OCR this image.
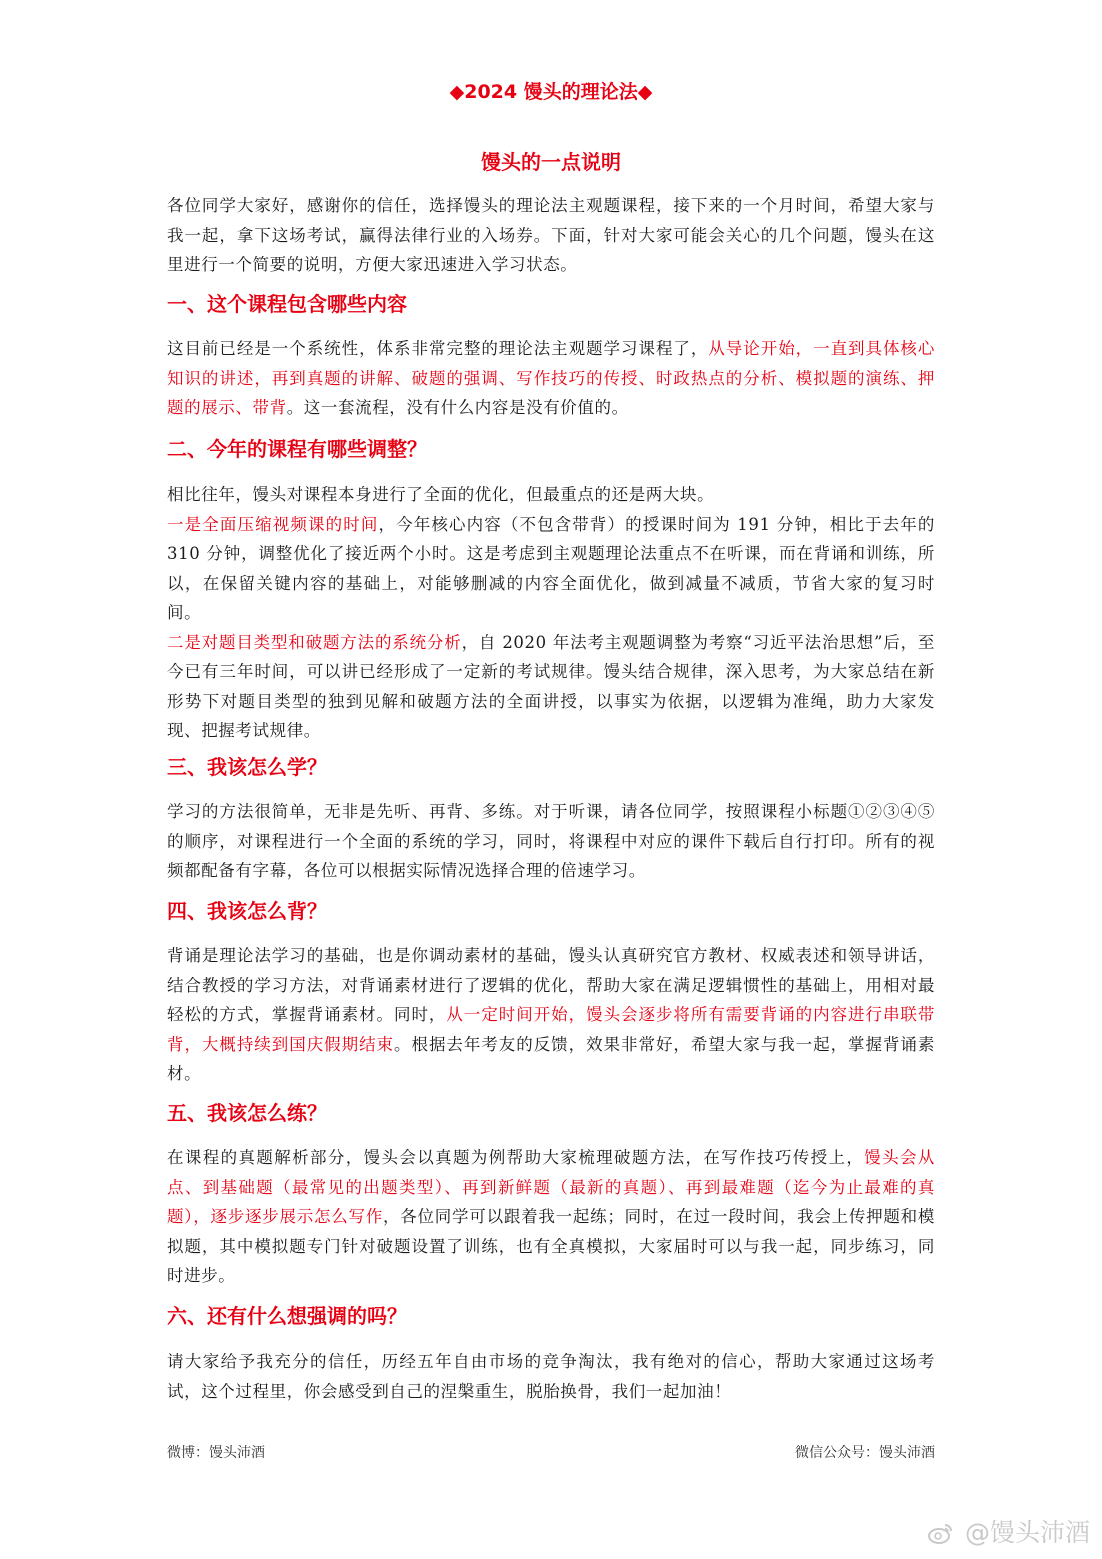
◆2024 馒头的理论法◆
馒头的一点说明

各位同学大家好，感谢你的信任，选择馒头的理论法主观题课程，接下来的一个月时间，希望大家与我一起，拿下这场考试，赢得法律行业的入场券。下面，针对大家可能会关心的几个问题，馒头在这里进行一个简要的说明，方便大家迅速进入学习状态。

一、这个课程包含哪些内容

这目前已经是一个系统性，体系非常完整的理论法主观题学习课程了，从导论开始，一直到具体核心知识的讲述，再到真题的讲解、破题的强调、写作技巧的传授、时政热点的分析、模拟题的演练、押题的展示、带背。这一套流程，没有什么内容是没有价值的。

二、今年的课程有哪些调整？

相比往年，馒头对课程本身进行了全面的优化，但最重点的还是两大块。

一是全面压缩视频课的时间，今年核心内容（不包含带背）的授课时间为 191 分钟，相比于去年的 310 分钟，调整优化了接近两个小时。这是考虑到主观题理论法重点不在听课，而在背诵和训练，所以，在保留关键内容的基础上，对能够删减的内容全面优化，做到减量不减质，节省大家的复习时间。

二是对题目类型和破题方法的系统分析，自 2020 年法考主观题调整为考察“习近平法治思想”后，至今已有三年时间，可以讲已经形成了一定新的考试规律。馒头结合规律，深入思考，为大家总结在新形势下对题目类型的独到见解和破题方法的全面讲授，以事实为依据，以逻辑为准绳，助力大家发现、把握考试规律。

三、我该怎么学？

学习的方法很简单，无非是先听、再背、多练。对于听课，请各位同学，按照课程小标题①②③④⑤的顺序，对课程进行一个全面的系统的学习，同时，将课程中对应的课件下载后自行打印。所有的视频都配备有字幕，各位可以根据实际情况选择合理的倍速学习。

四、我该怎么背？

背诵是理论法学习的基础，也是你调动素材的基础，馒头认真研究官方教材、权威表述和领导讲话，结合教授的学习方法，对背诵素材进行了逻辑的优化，帮助大家在满足逻辑惯性的基础上，用相对最轻松的方式，掌握背诵素材。同时，从一定时间开始，馒头会逐步将所有需要背诵的内容进行串联带背，大概持续到国庆假期结束。根据去年考友的反馈，效果非常好，希望大家与我一起，掌握背诵素材。

五、我该怎么练？

在课程的真题解析部分，馒头会以真题为例帮助大家梳理破题方法，在写作技巧传授上，馒头会从点、到基础题（最常见的出题类型）、再到新鲜题（最新的真题）、再到最难题（迄今为止最难的真题），逐步逐步展示怎么写作，各位同学可以跟着我一起练；同时，在过一段时间，我会上传押题和模拟题，其中模拟题专门针对破题设置了训练，也有全真模拟，大家届时可以与我一起，同步练习，同时进步。

六、还有什么想强调的吗？

请大家给予我充分的信任，历经五年自由市场的竞争淘汰，我有绝对的信心，帮助大家通过这场考试，这个过程里，你会感受到自己的涅槃重生，脱胎换骨，我们一起加油！

微博：馒头沛酒	微信公众号：馒头沛酒
@馒头沛酒
